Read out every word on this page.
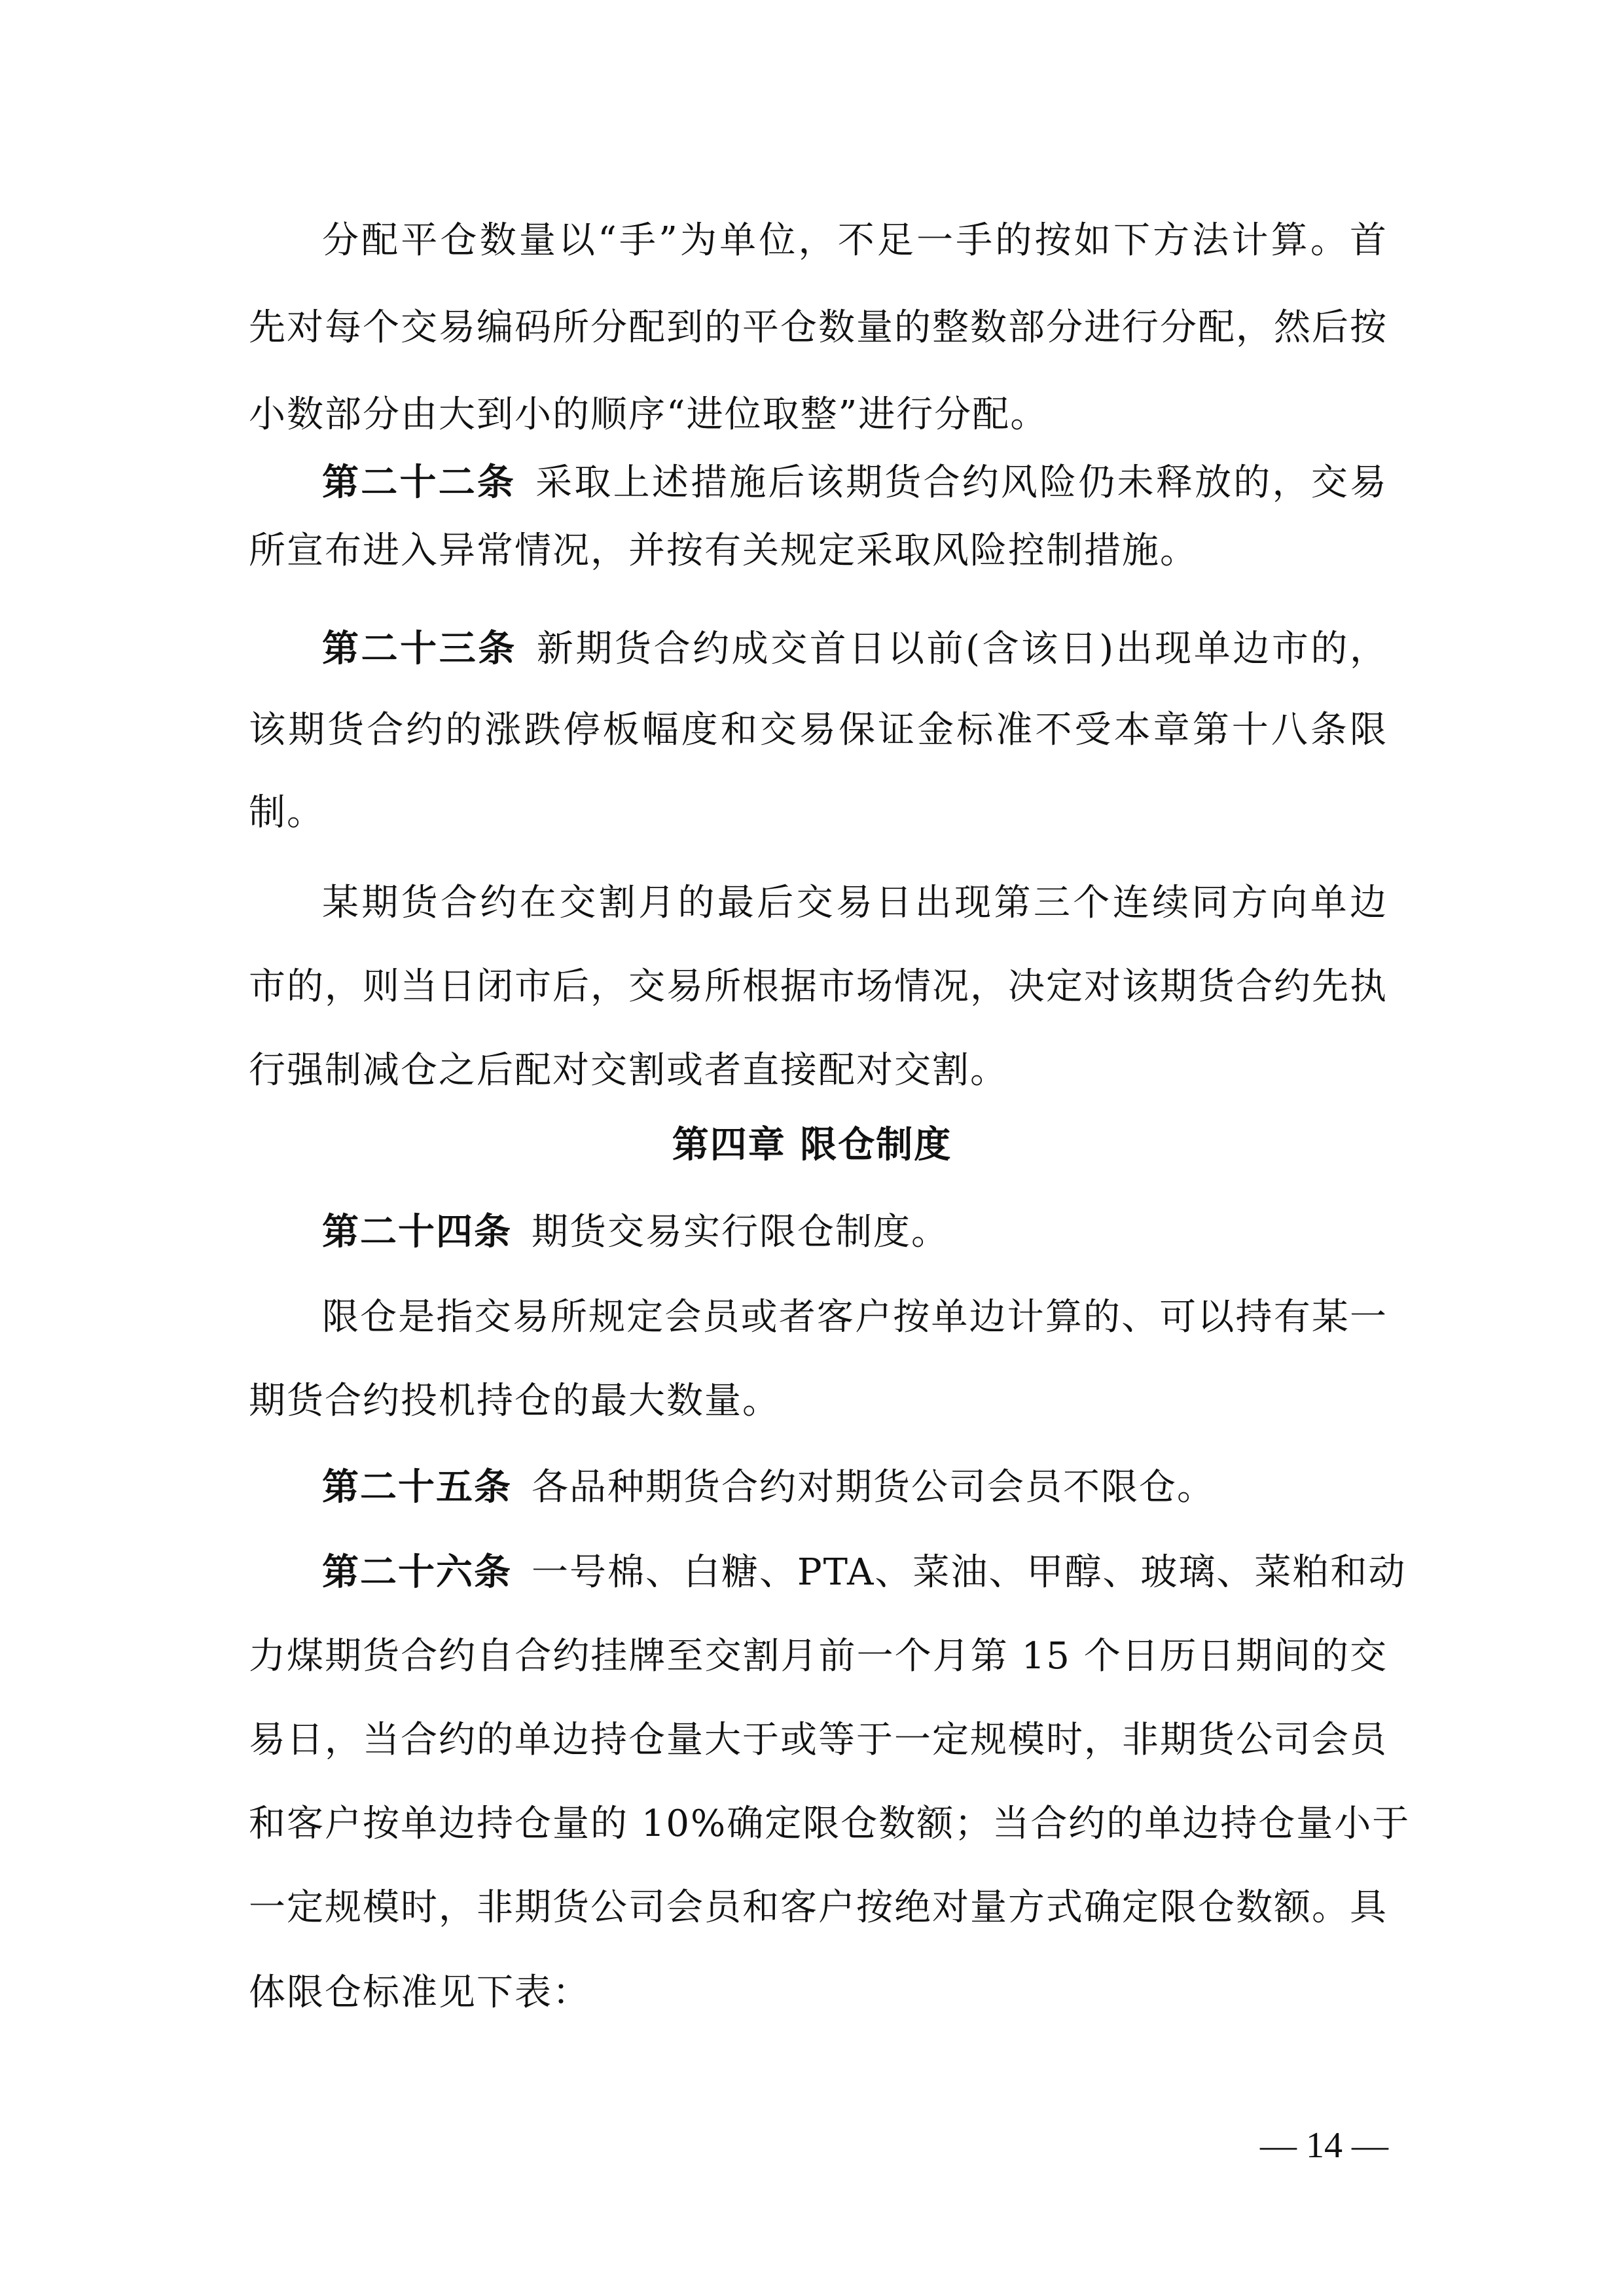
分配平仓数量以“手”为单位，不足一手的按如下方法计算。首
先对每个交易编码所分配到的平仓数量的整数部分进行分配，然后按
小数部分由大到小的顺序“进位取整”进行分配。
第二十二条 采取上述措施后该期货合约风险仍未释放的，交易
所宣布进入异常情况，并按有关规定采取风险控制措施。
第二十三条 新期货合约成交首日以前(含该日)出现单边市的，
该期货合约的涨跌停板幅度和交易保证金标准不受本章第十八条限
制。
某期货合约在交割月的最后交易日出现第三个连续同方向单边
市的，则当日闭市后，交易所根据市场情况，决定对该期货合约先执
行强制减仓之后配对交割或者直接配对交割。
第四章 限仓制度
第二十四条 期货交易实行限仓制度。
限仓是指交易所规定会员或者客户按单边计算的、可以持有某一
期货合约投机持仓的最大数量。
第二十五条 各品种期货合约对期货公司会员不限仓。
第二十六条 一号棉、白糖、PTA、菜油、甲醇、玻璃、菜粕和动
力煤期货合约自合约挂牌至交割月前一个月第 15 个日历日期间的交
易日，当合约的单边持仓量大于或等于一定规模时，非期货公司会员
和客户按单边持仓量的 10%确定限仓数额；当合约的单边持仓量小于
一定规模时，非期货公司会员和客户按绝对量方式确定限仓数额。具
体限仓标准见下表：
— 14 —
